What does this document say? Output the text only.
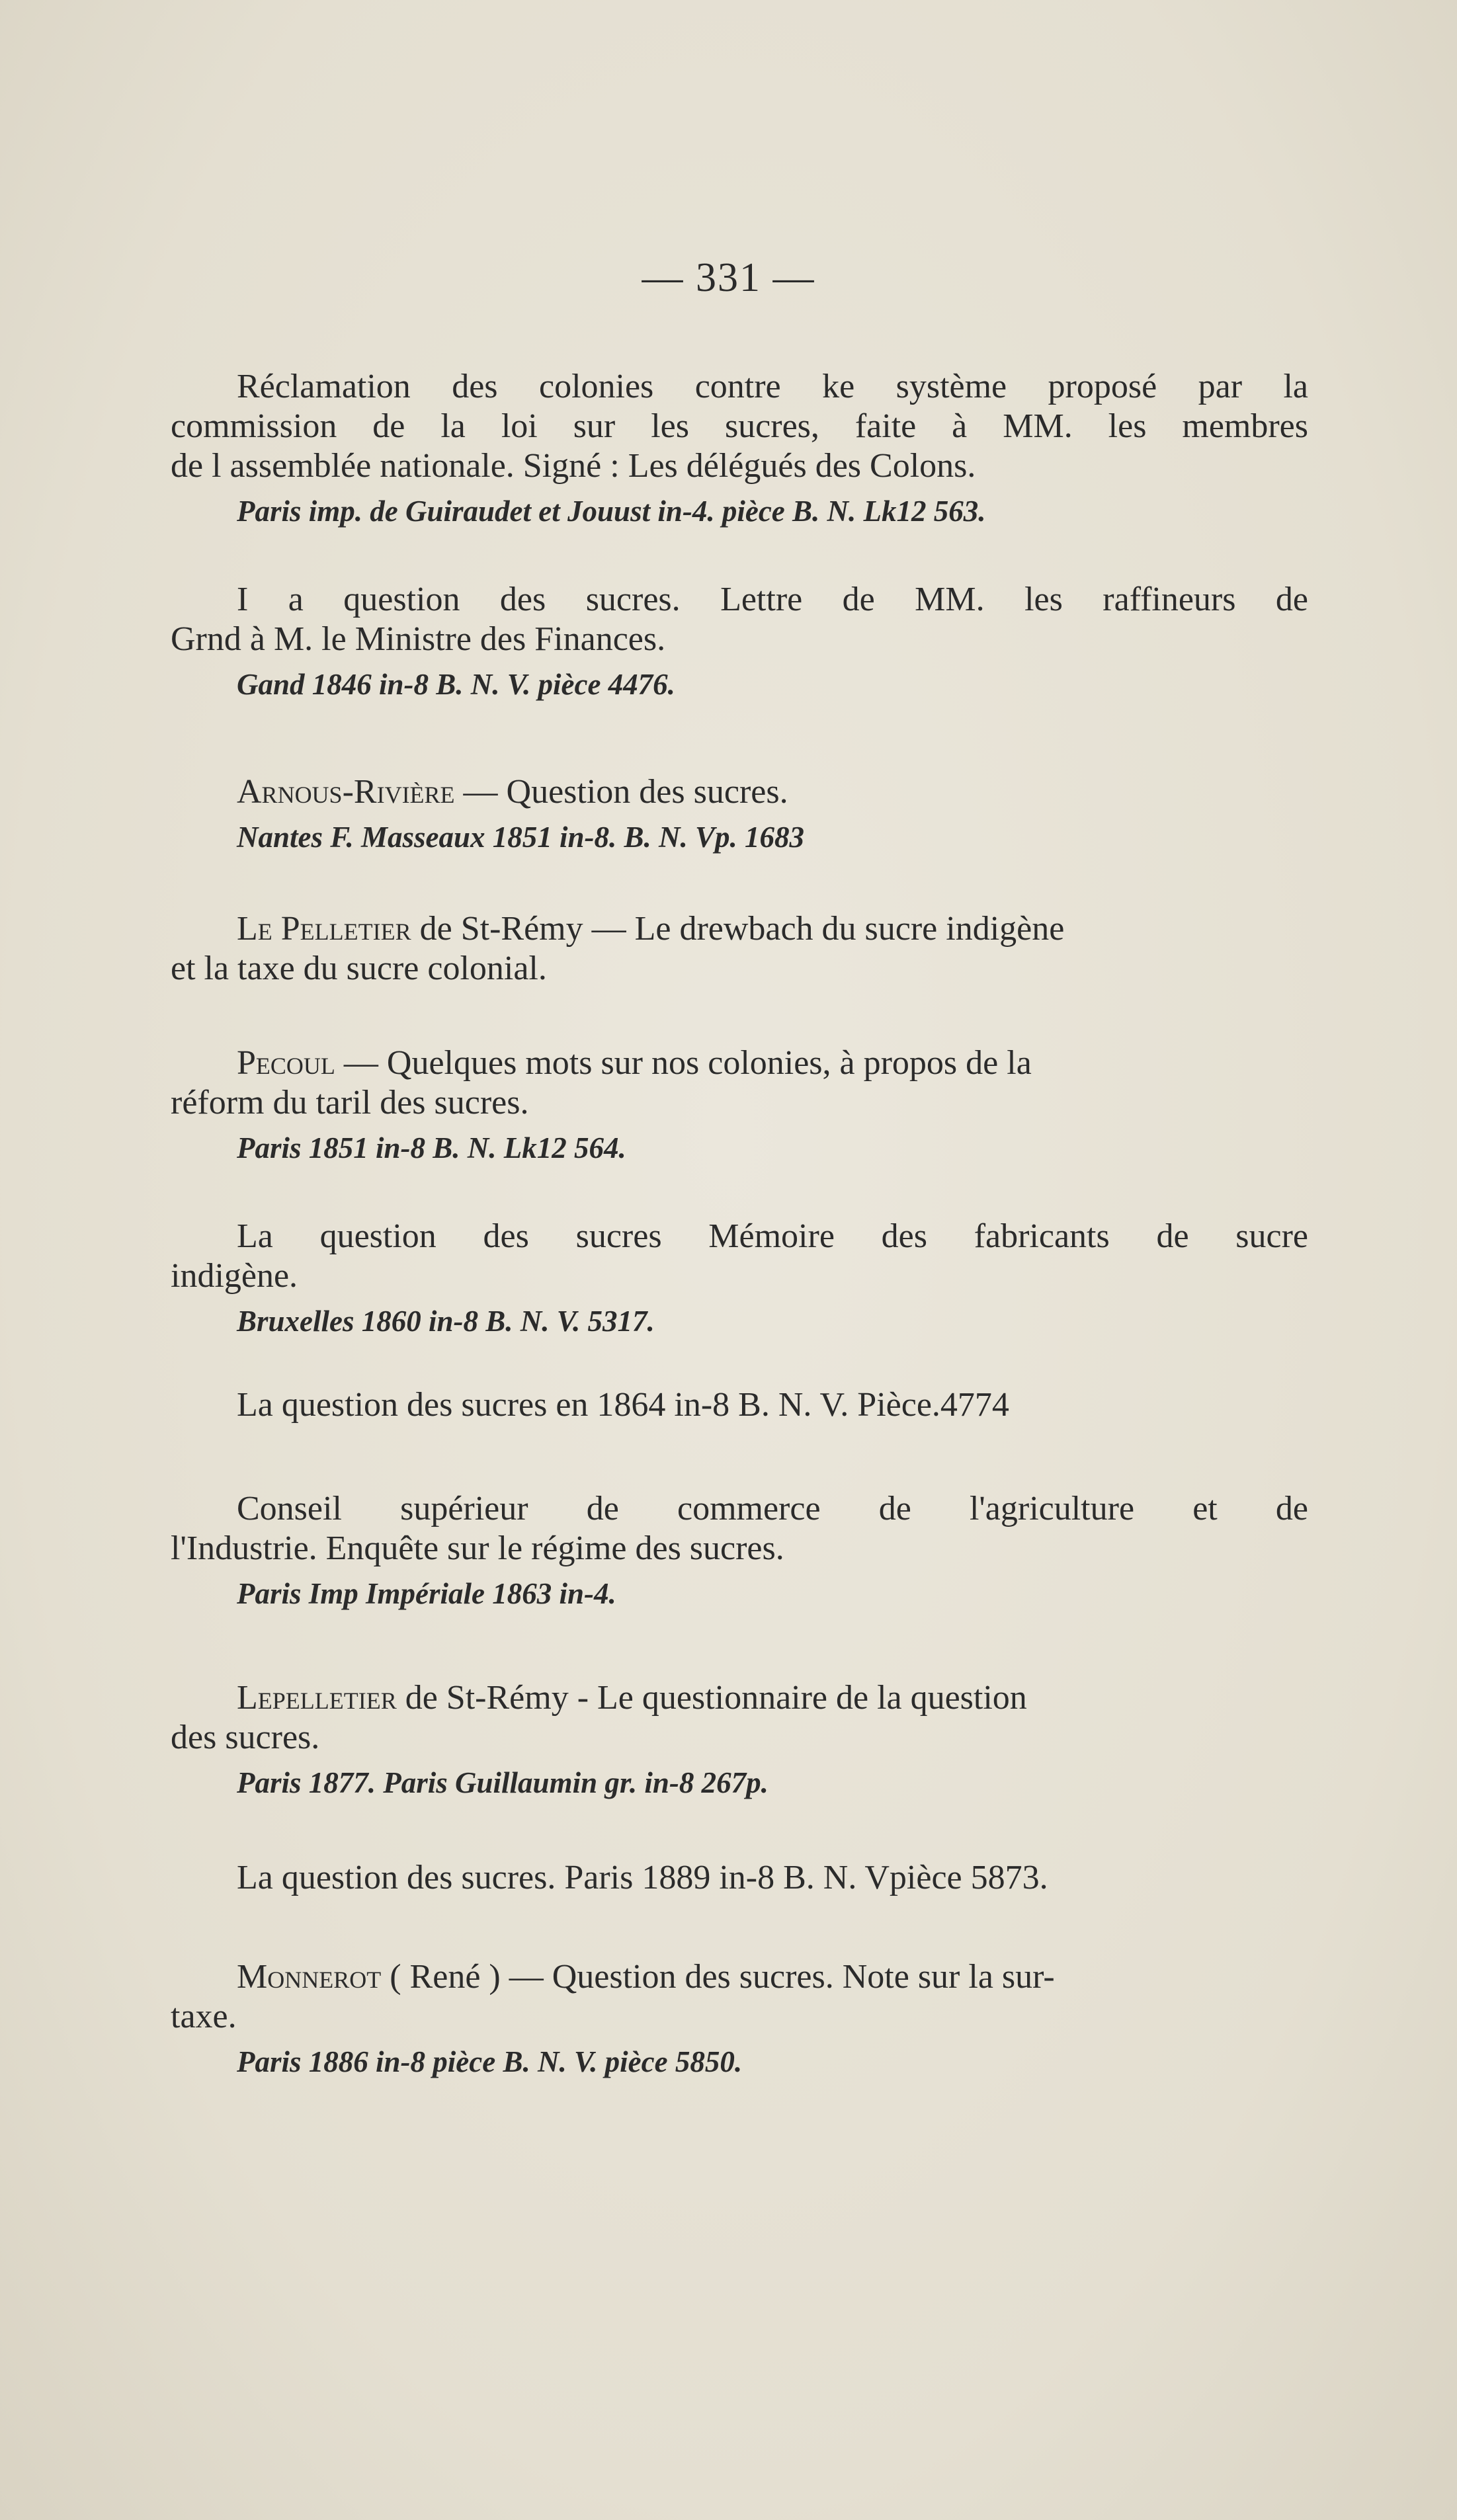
— 331 —
Réclamation des colonies contre ke système proposé par la
commission de la loi sur les sucres, faite à MM. les membres
de l assemblée nationale. Signé : Les délégués des Colons.
Paris imp. de Guiraudet et Jouust in-4. pièce B. N. Lk12 563.
I a question des sucres. Lettre de MM. les raffineurs de
Grnd à M. le Ministre des Finances.
Gand 1846 in-8 B. N. V. pièce 4476.
Arnous-Rivière — Question des sucres.
Nantes F. Masseaux 1851 in-8. B. N. Vp. 1683
Le Pelletier de St-Rémy — Le drewbach du sucre indigène
et la taxe du sucre colonial.
Pecoul — Quelques mots sur nos colonies, à propos de la
réform du taril des sucres.
Paris 1851 in-8 B. N. Lk12 564.
La question des sucres Mémoire des fabricants de sucre
indigène.
Bruxelles 1860 in-8 B. N. V. 5317.
La question des sucres en 1864 in-8 B. N. V. Pièce.4774
Conseil supérieur de commerce de l'agriculture et de
l'Industrie. Enquête sur le régime des sucres.
Paris Imp Impériale 1863 in-4.
Lepelletier de St-Rémy - Le questionnaire de la question
des sucres.
Paris 1877. Paris Guillaumin gr. in-8 267p.
La question des sucres. Paris 1889 in-8 B. N. Vpièce 5873.
Monnerot ( René ) — Question des sucres. Note sur la sur-
taxe.
Paris 1886 in-8 pièce B. N. V. pièce 5850.
